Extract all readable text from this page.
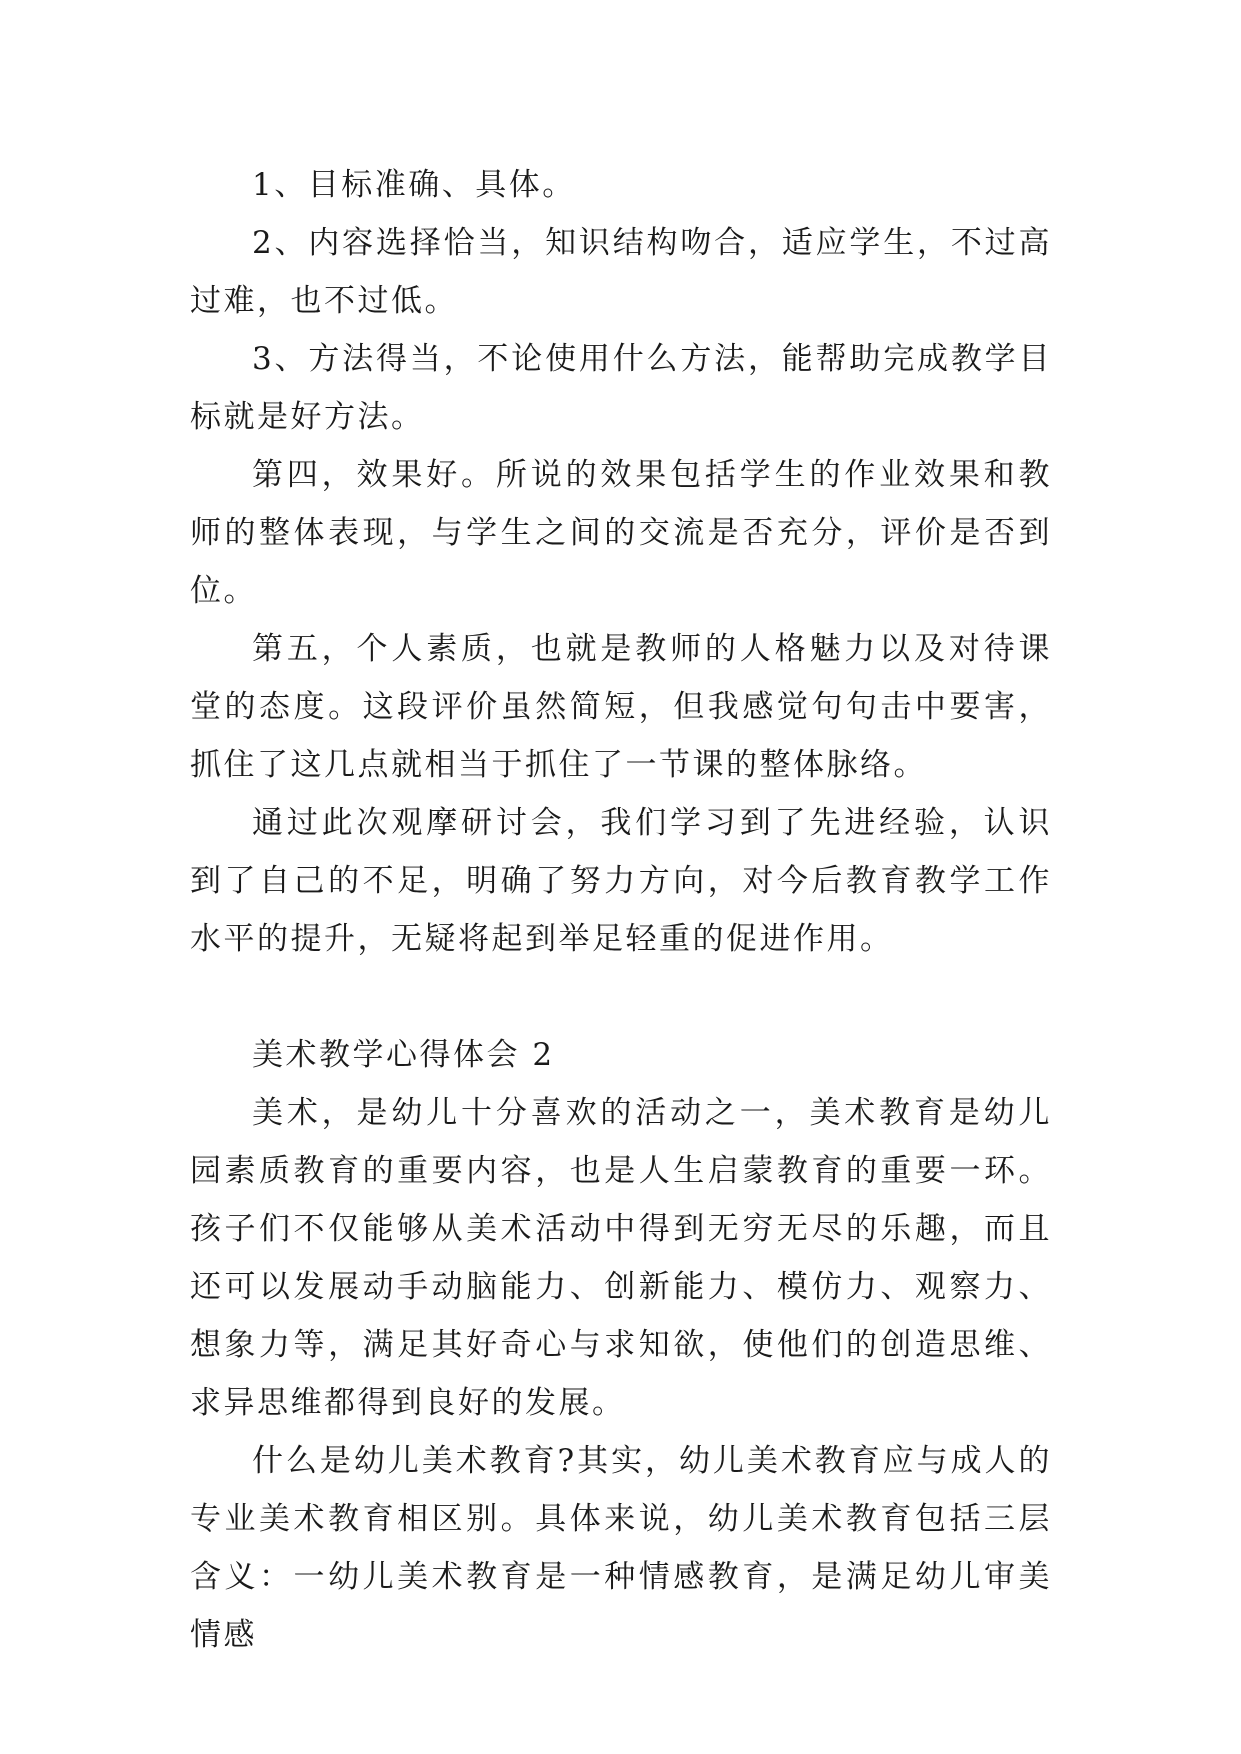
1、目标准确、具体。

2、内容选择恰当，知识结构吻合，适应学生，不过高过难，也不过低。

3、方法得当，不论使用什么方法，能帮助完成教学目标就是好方法。

第四，效果好。所说的效果包括学生的作业效果和教师的整体表现，与学生之间的交流是否充分，评价是否到位。

第五，个人素质，也就是教师的人格魅力以及对待课堂的态度。这段评价虽然简短，但我感觉句句击中要害，抓住了这几点就相当于抓住了一节课的整体脉络。

通过此次观摩研讨会，我们学习到了先进经验，认识到了自己的不足，明确了努力方向，对今后教育教学工作水平的提升，无疑将起到举足轻重的促进作用。

美术教学心得体会 2

美术，是幼儿十分喜欢的活动之一，美术教育是幼儿园素质教育的重要内容，也是人生启蒙教育的重要一环。孩子们不仅能够从美术活动中得到无穷无尽的乐趣，而且还可以发展动手动脑能力、创新能力、模仿力、观察力、想象力等，满足其好奇心与求知欲，使他们的创造思维、求异思维都得到良好的发展。

什么是幼儿美术教育?其实，幼儿美术教育应与成人的专业美术教育相区别。具体来说，幼儿美术教育包括三层含义：一幼儿美术教育是一种情感教育，是满足幼儿审美情感
